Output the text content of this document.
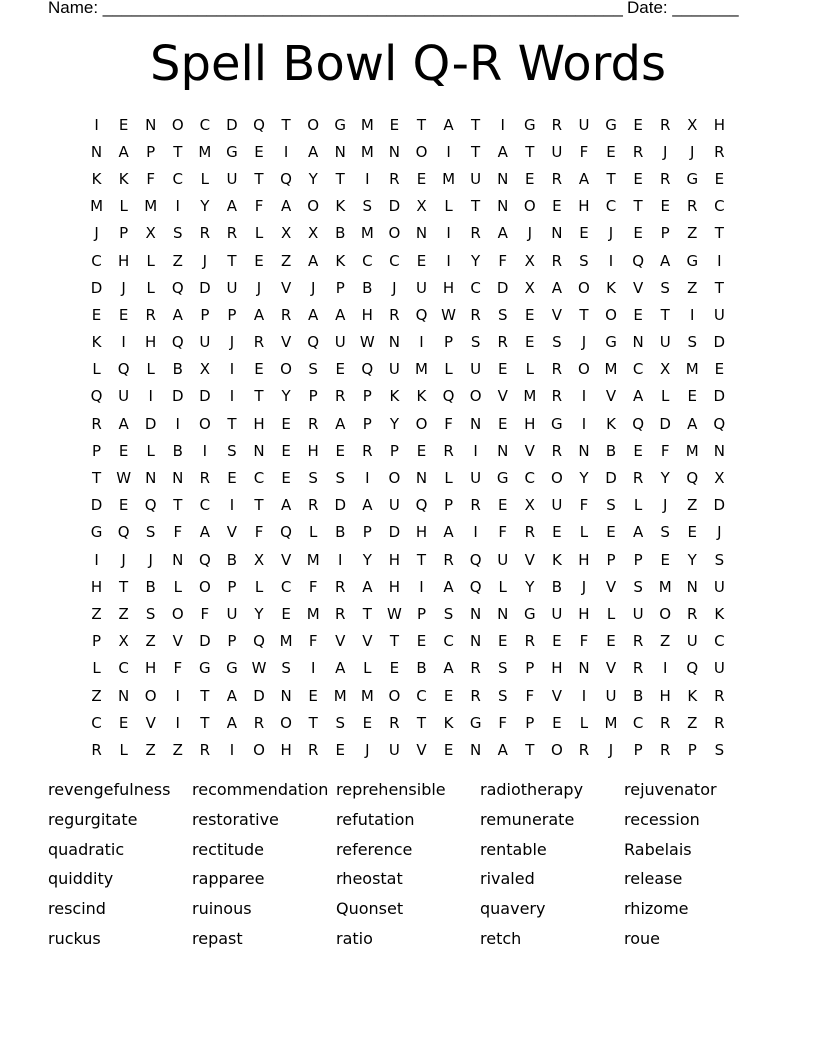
Name: _______________________________________________________ Date: _______
Spell Bowl Q-R Words
I	E	N	O	C	D	Q	T	O	G M	E	T	A	T	I	G	R	U	G	E	R	X	H
N	A	P	T	M G	E	I	A	N M N	O	I	T	A	T	U	F	E	R	J	J	R
K	K	F	C	L	U	T	Q	Y	T	I	R	E	M	U	N	E	R	A	T	E	R	G	E
M	L	M	I	Y	A	F	A	O	K	S	D	X	L	T	N	O	E	H	C	T	E	R	C
J	P	X	S	R	R	L	X	X	B	M O	N	I	R	A	J	N	E	J	E	P	Z	T
C	H	L	Z	J	T	E	Z	A	K	C	C	E	I	Y	F	X	R	S	I	Q	A	G	I
D	J	L	Q	D	U	J	V	J	P	B	J	U	H	C	D	X	A	O	K	V	S	Z	T
E	E	R	A	P	P	A	R	A	A	H	R	Q W R	S	E	V	T	O	E	T	I	U
K	I	H	Q	U	J	R	V	Q	U W N	I	P	S	R	E	S	J	G	N	U	S	D
L	Q	L	B	X	I	E	O	S	E	Q	U	M	L	U	E	L	R	O M	C	X	M	E
Q	U	I	D	D	I	T	Y	P	R	P	K	K	Q	O	V	M	R	I	V	A	L	E	D
R	A	D	I	O	T	H	E	R	A	P	Y	O	F	N	E	H	G	I	K	Q	D	A	Q
P	E	L	B	I	S	N	E	H	E	R	P	E	R	I	N	V	R	N	B	E	F	M N
T	W N	N	R	E	C	E	S	S	I	O	N	L	U	G	C	O	Y	D	R	Y	Q	X
D	E	Q	T	C	I	T	A	R	D	A	U	Q	P	R	E	X	U	F	S	L	J	Z	D
G	Q	S	F	A	V	F	Q	L	B	P	D	H	A	I	F	R	E	L	E	A	S	E	J
I	J	J	N	Q	B	X	V	M	I	Y	H	T	R	Q	U	V	K	H	P	P	E	Y	S
H	T	B	L	O	P	L	C	F	R	A	H	I	A	Q	L	Y	B	J	V	S	M N	U
Z	Z	S	O	F	U	Y	E	M	R	T	W	P	S	N	N	G	U	H	L	U	O	R	K
P	X	Z	V	D	P	Q M	F	V	V	T	E	C	N	E	R	E	F	E	R	Z	U	C
L	C	H	F	G	G W S	I	A	L	E	B	A	R	S	P	H	N	V	R	I	Q	U
Z	N	O	I	T	A	D	N	E	M M O	C	E	R	S	F	V	I	U	B	H	K	R
C	E	V	I	T	A	R	O	T	S	E	R	T	K	G	F	P	E	L	M	C	R	Z	R
R	L	Z	Z	R	I	O	H	R	E	J	U	V	E	N	A	T	O	R	J	P	R	P	S
revengefulness	recommendation reprehensible	radiotherapy	rejuvenator
regurgitate	restorative	refutation	remunerate	recession
quadratic	rectitude	reference	rentable	Rabelais
quiddity	rapparee	rheostat	rivaled	release
rescind	ruinous	Quonset	quavery	rhizome
ruckus	repast	ratio	retch	roue
